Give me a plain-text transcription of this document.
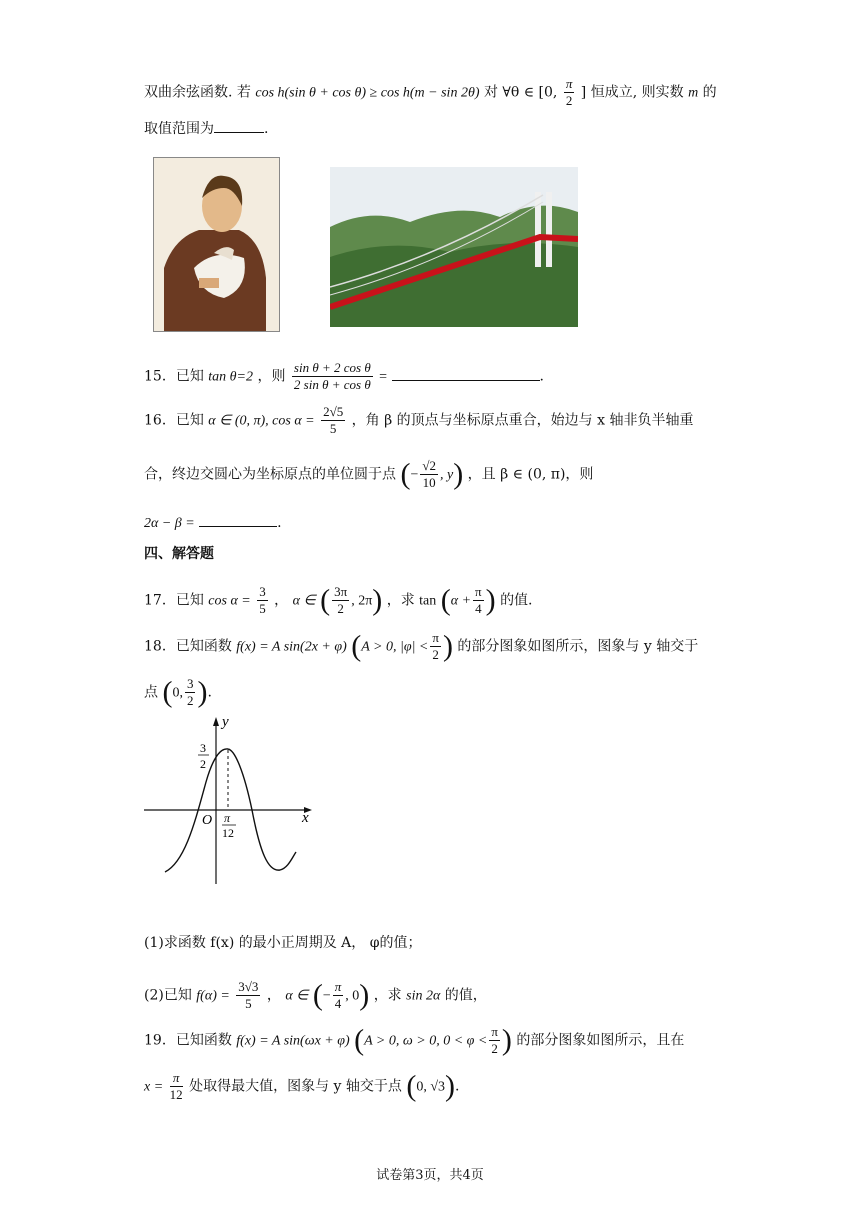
双曲余弦函数. 若 cos h(sin θ + cos θ) ≥ cos h(m − sin 2θ) 对 ∀θ ∈ [0, $\frac{\pi}{2}$ ] 恒成立, 则实数 m 的
取值范围为	.
15．已知 tan θ=2 ，则 $\frac{\text{sin θ + 2 cos θ}}{\text{2 sin θ + cos θ}}$ =	.
16．已知 α ∈ (0, π), $\cos \alpha = \frac{2√5}{5}$ ，角 β 的顶点与坐标原点重合，始边与 x 轴非负半轴重
合，终边交圆心为坐标原点的单位圆于点 (− $\frac{√2}{10}$ , y) ，且 β ∈ (0, π)，则
2α − β =	.
四、解答题
17．已知 $\cos \alpha = \frac{3}{5}$ ， α ∈ ( $\frac{3\pi}{2}$ , 2π) ，求 $\tan (\alpha + \frac{\pi}{4}$ ) 的值.
18．已知函数 f(x) = A sin(2x + φ) (A > 0, $|\varphi| < \frac{\pi}{2}$ ) 的部分图象如图所示，图象与 y 轴交于
点 (0, $\frac{3}{2}$ ).
y
x
O
3
2
π
12
(1)求函数 f(x) 的最小正周期及 A， φ的值；
(2)已知 $f(\alpha) = \frac{3√3}{5}$ ， α ∈ (− $\frac{\pi}{4}$ , 0) ，求 sin 2α 的值，
19．已知函数 f(x) = A sin(ωx + φ) (A > 0, ω > 0, $0 < \varphi < \frac{\pi}{2}$ ) 的部分图象如图所示，且在
$x = \frac{\pi}{12}$ 处取得最大值，图象与 y 轴交于点 (0, √3).
试卷第3页，共4页
